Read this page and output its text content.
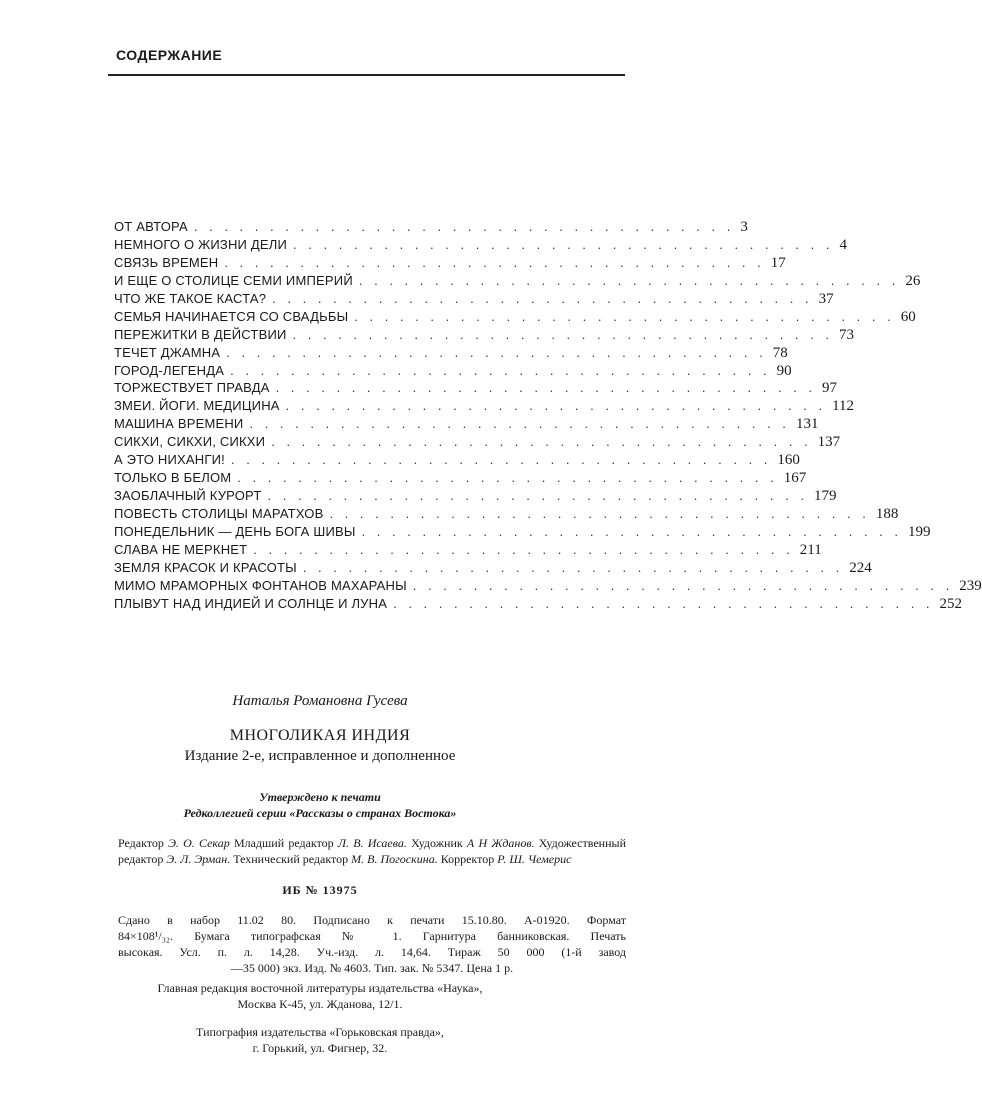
СОДЕРЖАНИЕ
ОТ АВТОРА . . . . . . . . . . . . . . . . . . . . . . . . . . . . . . . . . . . . 3
НЕМНОГО О ЖИЗНИ ДЕЛИ . . . . . . . . . . . . . . . . . . . . . . . . . . . . . . . . . . . . 4
СВЯЗЬ ВРЕМЕН . . . . . . . . . . . . . . . . . . . . . . . . . . . . . . . . . . . . 17
И ЕЩЕ О СТОЛИЦЕ СЕМИ ИМПЕРИЙ . . . . . . . . . . . . . . . . . . . . . . . . . . . . . . . . . . . . 26
ЧТО ЖЕ ТАКОЕ КАСТА? . . . . . . . . . . . . . . . . . . . . . . . . . . . . . . . . . . . . 37
СЕМЬЯ НАЧИНАЕТСЯ СО СВАДЬБЫ . . . . . . . . . . . . . . . . . . . . . . . . . . . . . . . . . . . . 60
ПЕРЕЖИТКИ В ДЕЙСТВИИ . . . . . . . . . . . . . . . . . . . . . . . . . . . . . . . . . . . . 73
ТЕЧЕТ ДЖАМНА . . . . . . . . . . . . . . . . . . . . . . . . . . . . . . . . . . . . 78
ГОРОД-ЛЕГЕНДА . . . . . . . . . . . . . . . . . . . . . . . . . . . . . . . . . . . . 90
ТОРЖЕСТВУЕТ ПРАВДА . . . . . . . . . . . . . . . . . . . . . . . . . . . . . . . . . . . . 97
ЗМЕИ. ЙОГИ. МЕДИЦИНА . . . . . . . . . . . . . . . . . . . . . . . . . . . . . . . . . . . . 112
МАШИНА ВРЕМЕНИ . . . . . . . . . . . . . . . . . . . . . . . . . . . . . . . . . . . . 131
СИКХИ, СИКХИ, СИКХИ . . . . . . . . . . . . . . . . . . . . . . . . . . . . . . . . . . . . 137
А ЭТО НИХАНГИ! . . . . . . . . . . . . . . . . . . . . . . . . . . . . . . . . . . . . 160
ТОЛЬКО В БЕЛОМ . . . . . . . . . . . . . . . . . . . . . . . . . . . . . . . . . . . . 167
ЗАОБЛАЧНЫЙ КУРОРТ . . . . . . . . . . . . . . . . . . . . . . . . . . . . . . . . . . . . 179
ПОВЕСТЬ СТОЛИЦЫ МАРАТХОВ . . . . . . . . . . . . . . . . . . . . . . . . . . . . . . . . . . . . 188
ПОНЕДЕЛЬНИК — ДЕНЬ БОГА ШИВЫ . . . . . . . . . . . . . . . . . . . . . . . . . . . . . . . . . . . . 199
СЛАВА НЕ МЕРКНЕТ . . . . . . . . . . . . . . . . . . . . . . . . . . . . . . . . . . . . 211
ЗЕМЛЯ КРАСОК И КРАСОТЫ . . . . . . . . . . . . . . . . . . . . . . . . . . . . . . . . . . . . 224
МИМО МРАМОРНЫХ ФОНТАНОВ МАХАРАНЫ . . . . . . . . . . . . . . . . . . . . . . . . . . . . . . . . . . . . 239
ПЛЫВУТ НАД ИНДИЕЙ И СОЛНЦЕ И ЛУНА . . . . . . . . . . . . . . . . . . . . . . . . . . . . . . . . . . . . 252

Наталья Романовна Гусева

МНОГОЛИКАЯ ИНДИЯ

Издание 2-е, исправленное и дополненное

Утверждено к печати
Редколлегией серии «Рассказы о странах Востока»
Редактор Э. О. Секар Младший редактор Л. В. Исаева. Художник А Н Жданов. Художественный редактор Э. Л. Эрман. Технический редактор М. В. Погоскина. Корректор Р. Ш. Чемерис

ИБ № 13975

Сдано в набор 11.02 80. Подписано к печати 15.10.80. А-01920. Формат
84×108¹/₃₂. Бумага типографская № 1. Гарнитура банниковская. Печать
высокая. Усл. п. л. 14,28. Уч.-изд. л. 14,64. Тираж 50 000 (1-й завод
—35 000) экз. Изд. № 4603. Тип. зак. № 5347. Цена 1 р.
Главная редакция восточной литературы издательства «Наука»,
Москва К-45, ул. Жданова, 12/1.
Типография издательства «Горьковская правда»,
г. Горький, ул. Фигнер, 32.
